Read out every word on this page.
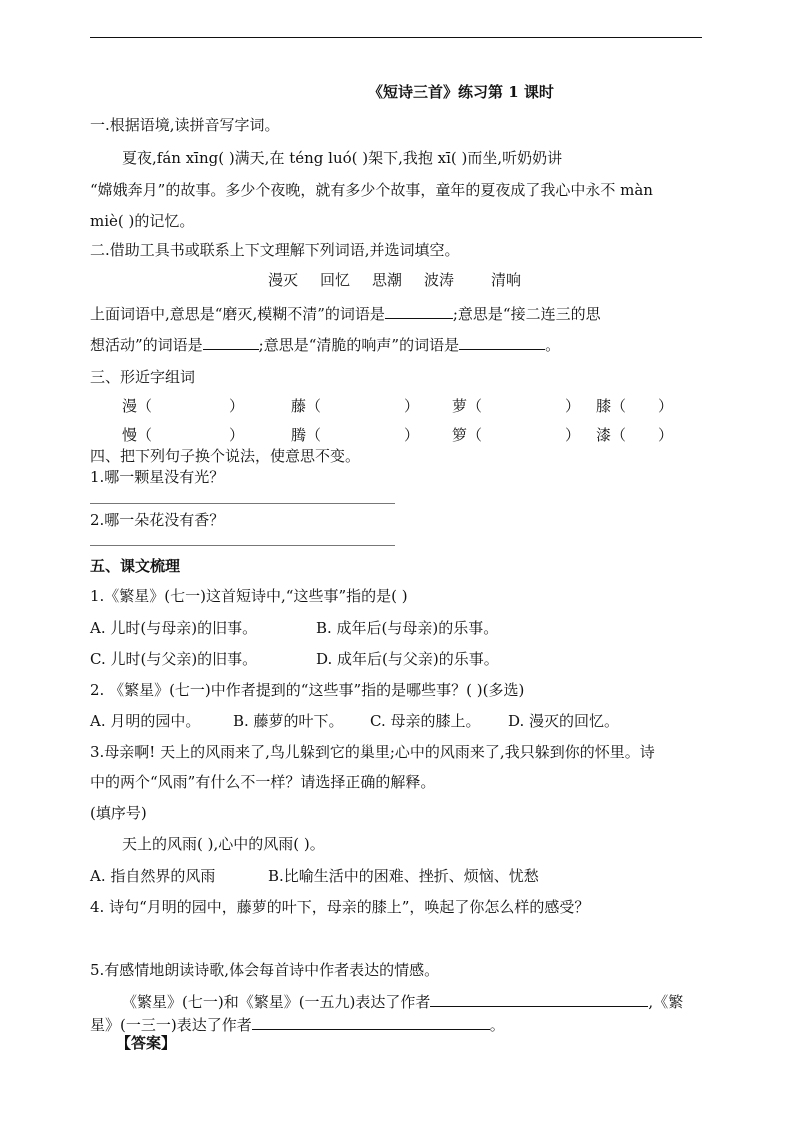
《短诗三首》练习第 1 课时
一.根据语境,读拼音写字词。
夏夜,fán xīng( )满天,在 téng luó( )架下,我抱 xī( )而坐,听奶奶讲
“嫦娥奔月”的故事。多少个夜晚，就有多少个故事，童年的夏夜成了我心中永不 màn
miè( )的记忆。
二.借助工具书或联系上下文理解下列词语,并选词填空。
漫灭 回忆 思潮 波涛 清响
上面词语中,意思是“磨灭,模糊不清”的词语是	;意思是“接二连三的思
想活动”的词语是	;意思是“清脆的响声”的词语是	。
三、形近字组词
漫（	）	藤（	） 萝（	） 膝（ ）
慢（	）	腾（	） 箩（	） 漆（ ）
四、把下列句子换个说法，使意思不变。
1.哪一颗星没有光？
2.哪一朵花没有香？
五、课文梳理
1.《繁星》(七一)这首短诗中,“这些事”指的是( )
A. 儿时(与母亲)的旧事。	B. 成年后(与母亲)的乐事。
C. 儿时(与父亲)的旧事。	D. 成年后(与父亲)的乐事。
2. 《繁星》(七一)中作者提到的“这些事”指的是哪些事？( )(多选)
A. 月明的园中。 B. 藤萝的叶下。 C. 母亲的膝上。 D. 漫灭的回忆。
3.母亲啊! 天上的风雨来了,鸟儿躲到它的巢里;心中的风雨来了,我只躲到你的怀里。诗
中的两个“风雨”有什么不一样？请选择正确的解释。
(填序号)
天上的风雨( ),心中的风雨( )。
A. 指自然界的风雨	B.比喻生活中的困难、挫折、烦恼、忧愁
4. 诗句“月明的园中，藤萝的叶下，母亲的膝上”，唤起了你怎么样的感受？
5.有感情地朗读诗歌,体会每首诗中作者表达的情感。
《繁星》(七一)和《繁星》(一五九)表达了作者	,《繁
星》(一三一)表达了作者	。
【答案】
